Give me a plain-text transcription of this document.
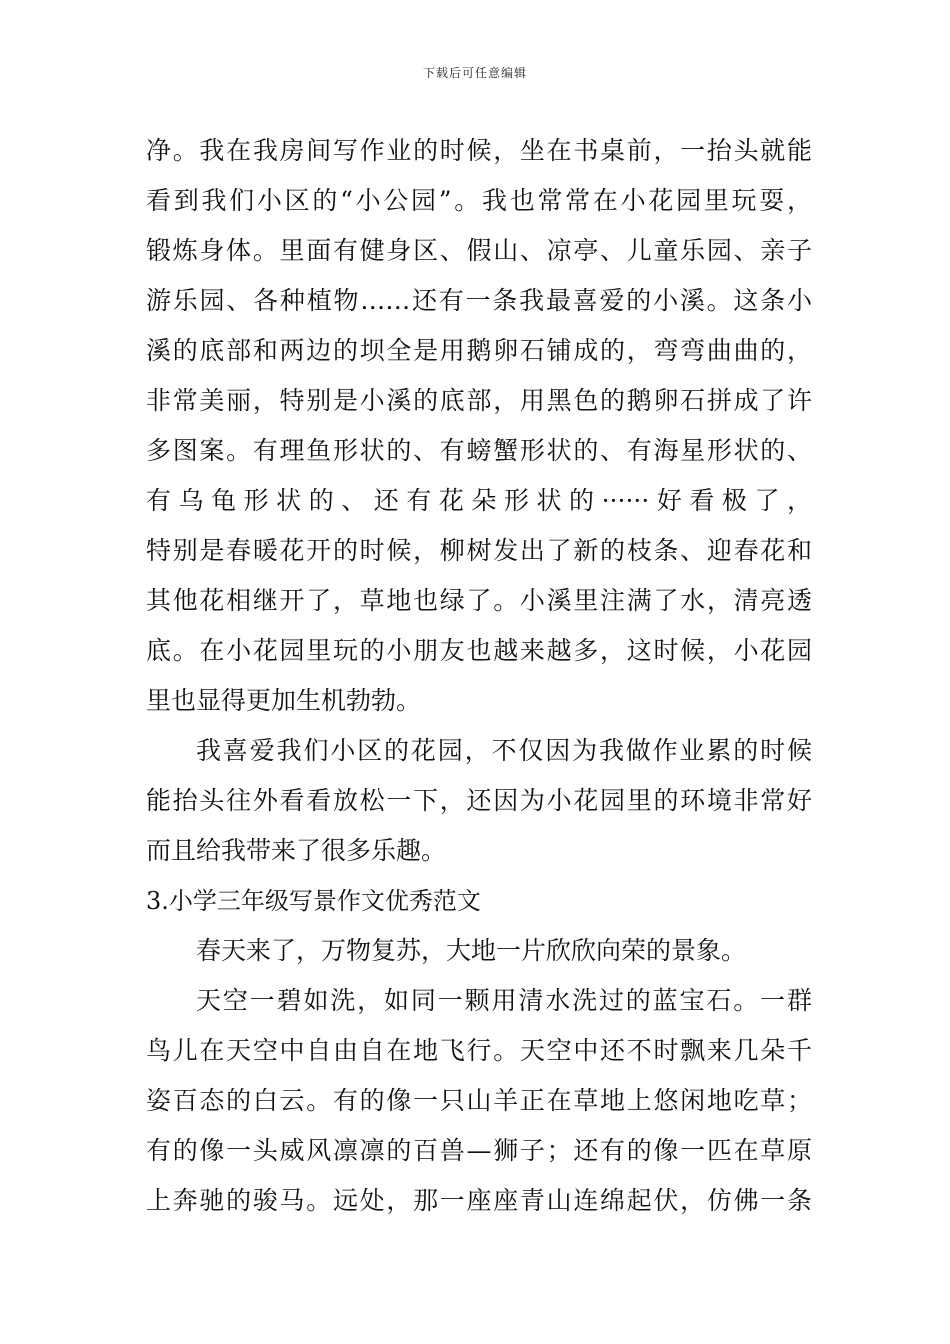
下载后可任意编辑
净。我在我房间写作业的时候，坐在书桌前，一抬头就能
看到我们小区的“小公园”。我也常常在小花园里玩耍，
锻炼身体。里面有健身区、假山、凉亭、儿童乐园、亲子
游乐园、各种植物……还有一条我最喜爱的小溪。这条小
溪的底部和两边的坝全是用鹅卵石铺成的，弯弯曲曲的，
非常美丽，特别是小溪的底部，用黑色的鹅卵石拼成了许
多图案。有理鱼形状的、有螃蟹形状的、有海星形状的、
有乌龟形状的、还有花朵形状的······好看极了，
特别是春暖花开的时候，柳树发出了新的枝条、迎春花和
其他花相继开了，草地也绿了。小溪里注满了水，清亮透
底。在小花园里玩的小朋友也越来越多，这时候，小花园
里也显得更加生机勃勃。
我喜爱我们小区的花园，不仅因为我做作业累的时候
能抬头往外看看放松一下，还因为小花园里的环境非常好
而且给我带来了很多乐趣。
3.小学三年级写景作文优秀范文
春天来了，万物复苏，大地一片欣欣向荣的景象。
天空一碧如洗，如同一颗用清水洗过的蓝宝石。一群
鸟儿在天空中自由自在地飞行。天空中还不时飘来几朵千
姿百态的白云。有的像一只山羊正在草地上悠闲地吃草；
有的像一头威风凛凛的百兽—狮子；还有的像一匹在草原
上奔驰的骏马。远处，那一座座青山连绵起伏，仿佛一条
